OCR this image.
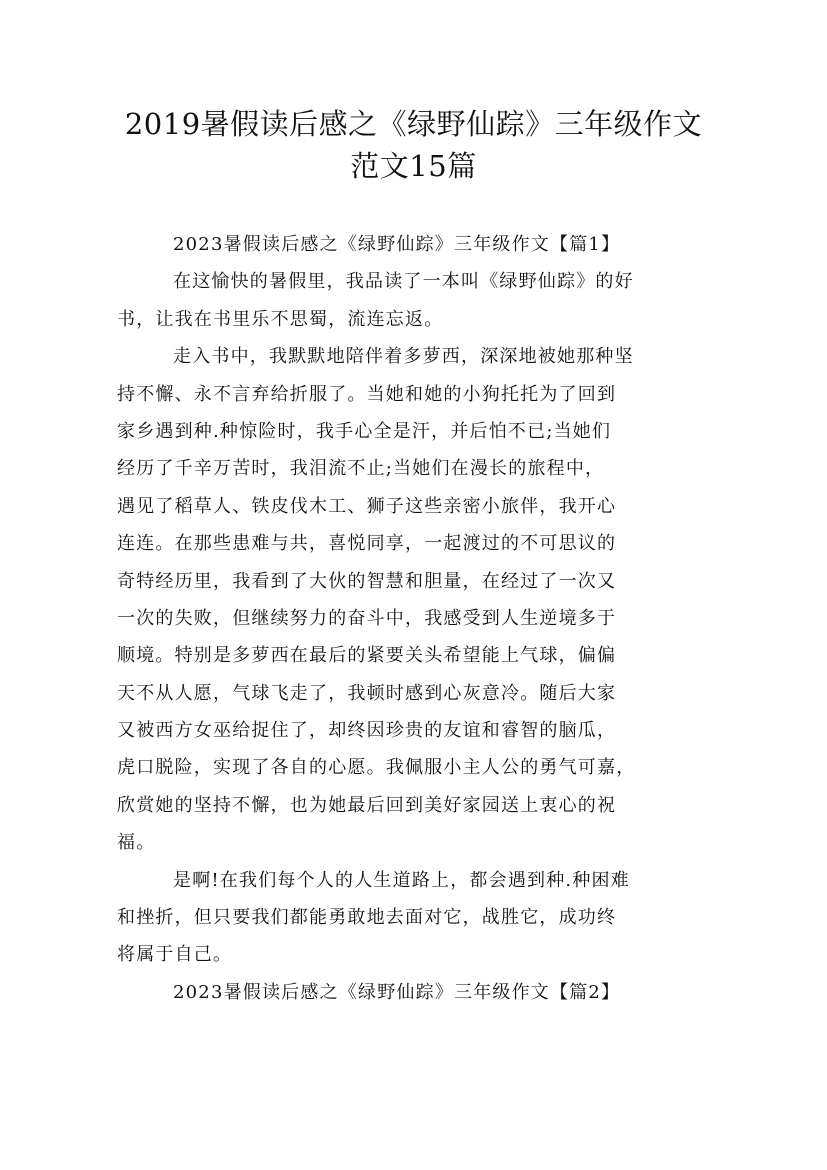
2019暑假读后感之《绿野仙踪》三年级作文
范文15篇

2023暑假读后感之《绿野仙踪》三年级作文【篇1】

在这愉快的暑假里，我品读了一本叫《绿野仙踪》的好

书，让我在书里乐不思蜀，流连忘返。

走入书中，我默默地陪伴着多萝西，深深地被她那种坚

持不懈、永不言弃给折服了。当她和她的小狗托托为了回到

家乡遇到种.种惊险时，我手心全是汗，并后怕不已;当她们

经历了千辛万苦时，我泪流不止;当她们在漫长的旅程中，

遇见了稻草人、铁皮伐木工、狮子这些亲密小旅伴，我开心

连连。在那些患难与共，喜悦同享，一起渡过的不可思议的

奇特经历里，我看到了大伙的智慧和胆量，在经过了一次又

一次的失败，但继续努力的奋斗中，我感受到人生逆境多于

顺境。特别是多萝西在最后的紧要关头希望能上气球，偏偏

天不从人愿，气球飞走了，我顿时感到心灰意冷。随后大家

又被西方女巫给捉住了，却终因珍贵的友谊和睿智的脑瓜，

虎口脱险，实现了各自的心愿。我佩服小主人公的勇气可嘉，

欣赏她的坚持不懈，也为她最后回到美好家园送上衷心的祝

福。

是啊!在我们每个人的人生道路上，都会遇到种.种困难

和挫折，但只要我们都能勇敢地去面对它，战胜它，成功终

将属于自己。

2023暑假读后感之《绿野仙踪》三年级作文【篇2】
